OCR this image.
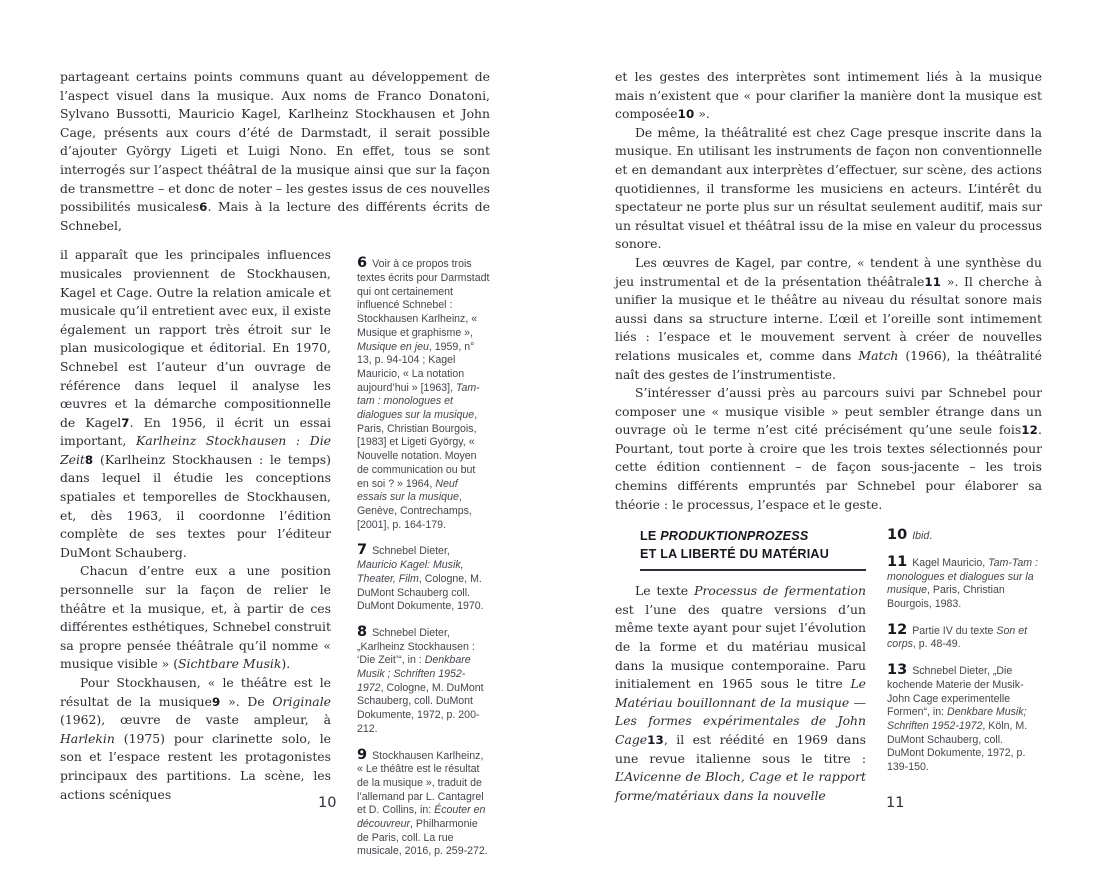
partageant certains points communs quant au développement de l’aspect visuel dans la musique. Aux noms de Franco Donatoni, Sylvano Bussotti, Mauricio Kagel, Karlheinz Stockhausen et John Cage, présents aux cours d’été de Darmstadt, il serait possible d’ajouter György Ligeti et Luigi Nono. En effet, tous se sont interrogés sur l’aspect théâtral de la musique ainsi que sur la façon de transmettre – et donc de noter – les gestes issus de ces nouvelles possibilités musicales6. Mais à la lecture des différents écrits de Schnebel,

il apparaît que les principales influences musicales proviennent de Stockhausen, Kagel et Cage. Outre la relation amicale et musicale qu’il entretient avec eux, il existe également un rapport très étroit sur le plan musicologique et éditorial. En 1970, Schnebel est l’auteur d’un ouvrage de référence dans lequel il analyse les œuvres et la démarche compositionnelle de Kagel7. En 1956, il écrit un essai important, Karlheinz Stockhausen : Die Zeit8 (Karlheinz Stockhausen : le temps) dans lequel il étudie les conceptions spatiales et temporelles de Stockhausen, et, dès 1963, il coordonne l’édition complète de ses textes pour l’éditeur DuMont Schauberg.

Chacun d’entre eux a une position personnelle sur la façon de relier le théâtre et la musique, et, à partir de ces différentes esthétiques, Schnebel construit sa propre pensée théâtrale qu’il nomme « musique visible » (Sichtbare Musik).

Pour Stockhausen, « le théâtre est le résultat de la musique9 ». De Originale (1962), œuvre de vaste ampleur, à Harlekin (1975) pour clarinette solo, le son et l’espace restent les protagonistes principaux des partitions. La scène, les actions scéniques

6 Voir à ce propos trois textes écrits pour Darmstadt qui ont certainement influencé Schnebel : Stockhausen Karlheinz, « Musique et graphisme », Musique en jeu, 1959, n° 13, p. 94-104 ; Kagel Mauricio, « La notation aujourd’hui » [1963], Tam-tam : monologues et dialogues sur la musique, Paris, Christian Bourgois, [1983] et Ligeti György, « Nouvelle notation. Moyen de communication ou but en soi ? » 1964, Neuf essais sur la musique, Genève, Contrechamps, [2001], p. 164-179.
7 Schnebel Dieter, Mauricio Kagel: Musik, Theater, Film, Cologne, M. DuMont Schauberg coll. DuMont Dokumente, 1970.
8 Schnebel Dieter, „Karlheinz Stockhausen : ‘Die Zeit’“, in : Denkbare Musik ; Schriften 1952-1972, Cologne, M. DuMont Schauberg, coll. DuMont Dokumente, 1972, p. 200-212.
9 Stockhausen Karlheinz, « Le théâtre est le résultat de la musique », traduit de l’allemand par L. Cantagrel et D. Collins, in: Écouter en découvreur, Philharmonie de Paris, coll. La rue musicale, 2016, p. 259-272.
10

et les gestes des interprètes sont intimement liés à la musique mais n’existent que « pour clarifier la manière dont la musique est composée10 ».

De même, la théâtralité est chez Cage presque inscrite dans la musique. En utilisant les instruments de façon non conventionnelle et en demandant aux interprètes d’effectuer, sur scène, des actions quotidiennes, il transforme les musiciens en acteurs. L’intérêt du spectateur ne porte plus sur un résultat seulement auditif, mais sur un résultat visuel et théâtral issu de la mise en valeur du processus sonore.

Les œuvres de Kagel, par contre, « tendent à une synthèse du jeu instrumental et de la présentation théâtrale11 ». Il cherche à unifier la musique et le théâtre au niveau du résultat sonore mais aussi dans sa structure interne. L’œil et l’oreille sont intimement liés : l’espace et le mouvement servent à créer de nouvelles relations musicales et, comme dans Match (1966), la théâtralité naît des gestes de l’instrumentiste.

S’intéresser d’aussi près au parcours suivi par Schnebel pour composer une « musique visible » peut sembler étrange dans un ouvrage où le terme n’est cité précisément qu’une seule fois12. Pourtant, tout porte à croire que les trois textes sélectionnés pour cette édition contiennent – de façon sous-jacente – les trois chemins différents empruntés par Schnebel pour élaborer sa théorie : le processus, l’espace et le geste.

LE PRODUKTIONPROZESS
ET LA LIBERTÉ DU MATÉRIAU

Le texte Processus de fermentation est l’une des quatre versions d’un même texte ayant pour sujet l’évolution de la forme et du matériau musical dans la musique contemporaine. Paru initialement en 1965 sous le titre Le Matériau bouillonnant de la musique — Les formes expérimentales de John Cage13, il est réédité en 1969 dans une revue italienne sous le titre : L’Avicenne de Bloch, Cage et le rapport forme/matériaux dans la nouvelle

10 Ibid.
11 Kagel Mauricio, Tam-Tam : monologues et dialogues sur la musique, Paris, Christian Bourgois, 1983.
12 Partie IV du texte Son et corps, p. 48-49.
13 Schnebel Dieter, „Die kochende Materie der Musik- John Cage experimentelle Formen“, in: Denkbare Musik; Schriften 1952-1972, Köln, M. DuMont Schauberg, coll. DuMont Dokumente, 1972, p. 139-150.
11
